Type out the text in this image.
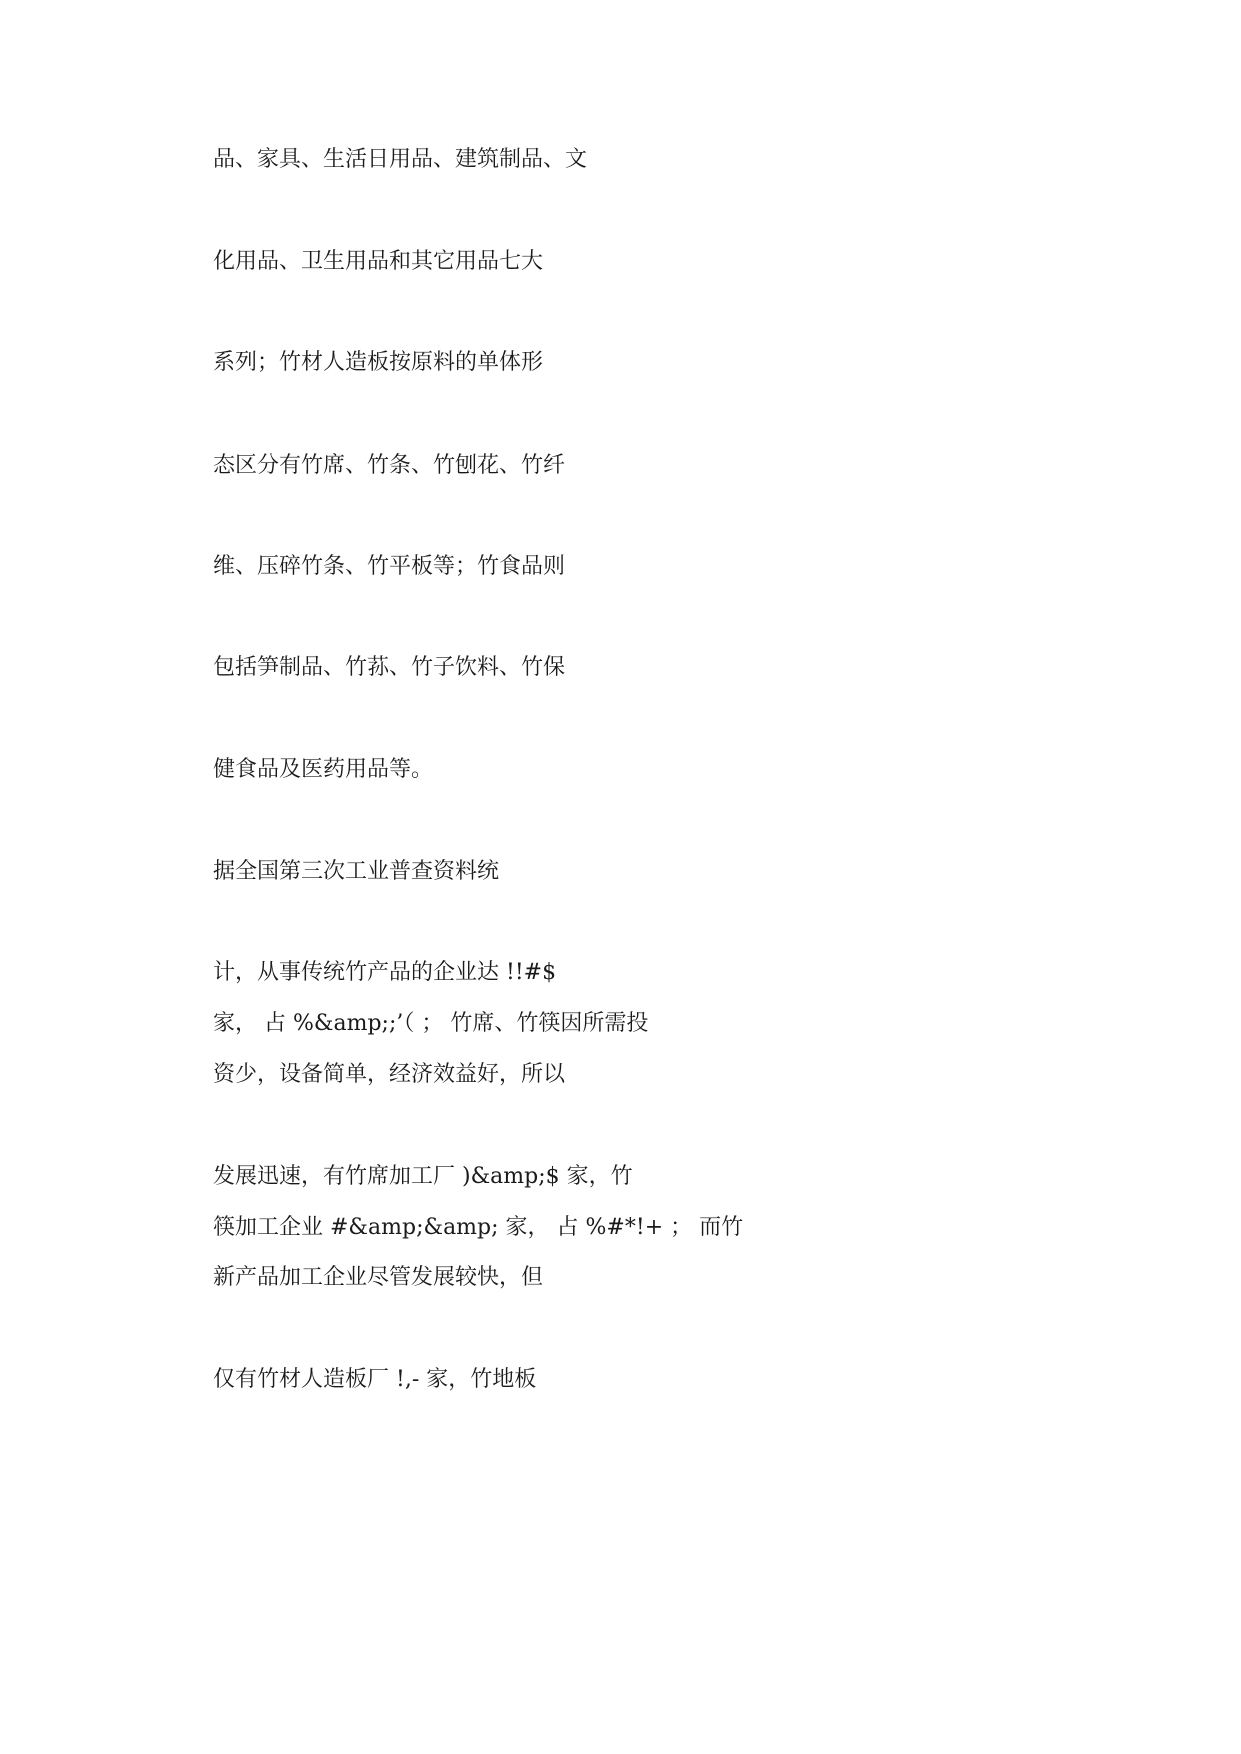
品、家具、生活日用品、建筑制品、文
化用品、卫生用品和其它用品七大
系列；竹材人造板按原料的单体形
态区分有竹席、竹条、竹刨花、竹纤
维、压碎竹条、竹平板等；竹食品则
包括笋制品、竹荪、竹子饮料、竹保
健食品及医药用品等。
据全国第三次工业普查资料统
计，从事传统竹产品的企业达 !!#$
家， 占 %&amp;;’（ ； 竹席、竹筷因所需投
资少，设备简单，经济效益好，所以
发展迅速，有竹席加工厂 )&amp;$ 家，竹
筷加工企业 #&amp;&amp; 家， 占 %#*!+ ； 而竹
新产品加工企业尽管发展较快，但
仅有竹材人造板厂 !,- 家，竹地板
